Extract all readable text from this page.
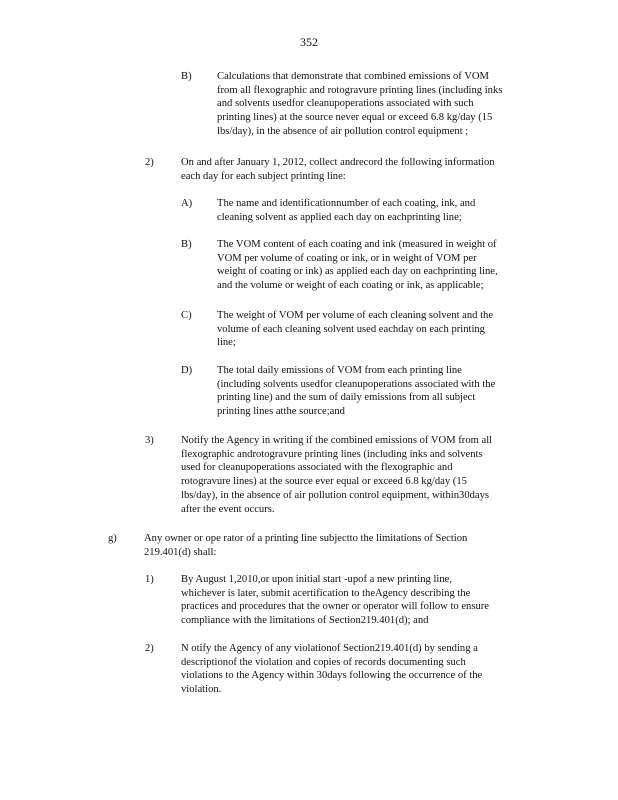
352
B) Calculations that demonstrate that combined emissions of VOM
from all flexographic and rotogravure printing lines (including inks
and solvents usedfor cleanupoperations associated with such
printing lines) at the source never equal or exceed 6.8 kg/day (15
lbs/day), in the absence of air pollution control equipment ;
2)	On and after January 1, 2012, collect andrecord the following information
each day for each subject printing line:
A) The name and identificationnumber of each coating, ink, and
cleaning solvent as applied each day on eachprinting line;
B) The VOM content of each coating and ink (measured in weight of
VOM per volume of coating or ink, or in weight of VOM per
weight of coating or ink) as applied each day on eachprinting line,
and the volume or weight of each coating or ink, as applicable;
C) The weight of VOM per volume of each cleaning solvent and the
volume of each cleaning solvent used eachday on each printing
line;
D) The total daily emissions of VOM from each printing line
(including solvents usedfor cleanupoperations associated with the
printing line) and the sum of daily emissions from all subject
printing lines atthe source;and
3)	Notify the Agency in writing if the combined emissions of VOM from all
flexographic androtogravure printing lines (including inks and solvents
used for cleanupoperations associated with the flexographic and
rotogravure lines) at the source ever equal or exceed 6.8 kg/day (15
lbs/day), in the absence of air pollution control equipment, within30days
after the event occurs.
g)	Any owner or ope rator of a printing line subjectto the limitations of Section
219.401(d) shall:
1)	By August 1,2010,or upon initial start -upof a new printing line,
whichever is later, submit acertification to theAgency describing the
practices and procedures that the owner or operator will follow to ensure
compliance with the limitations of Section219.401(d); and
2)	N otify the Agency of any violationof Section219.401(d) by sending a
descriptionof the violation and copies of records documenting such
violations to the Agency within 30days following the occurrence of the
violation.
